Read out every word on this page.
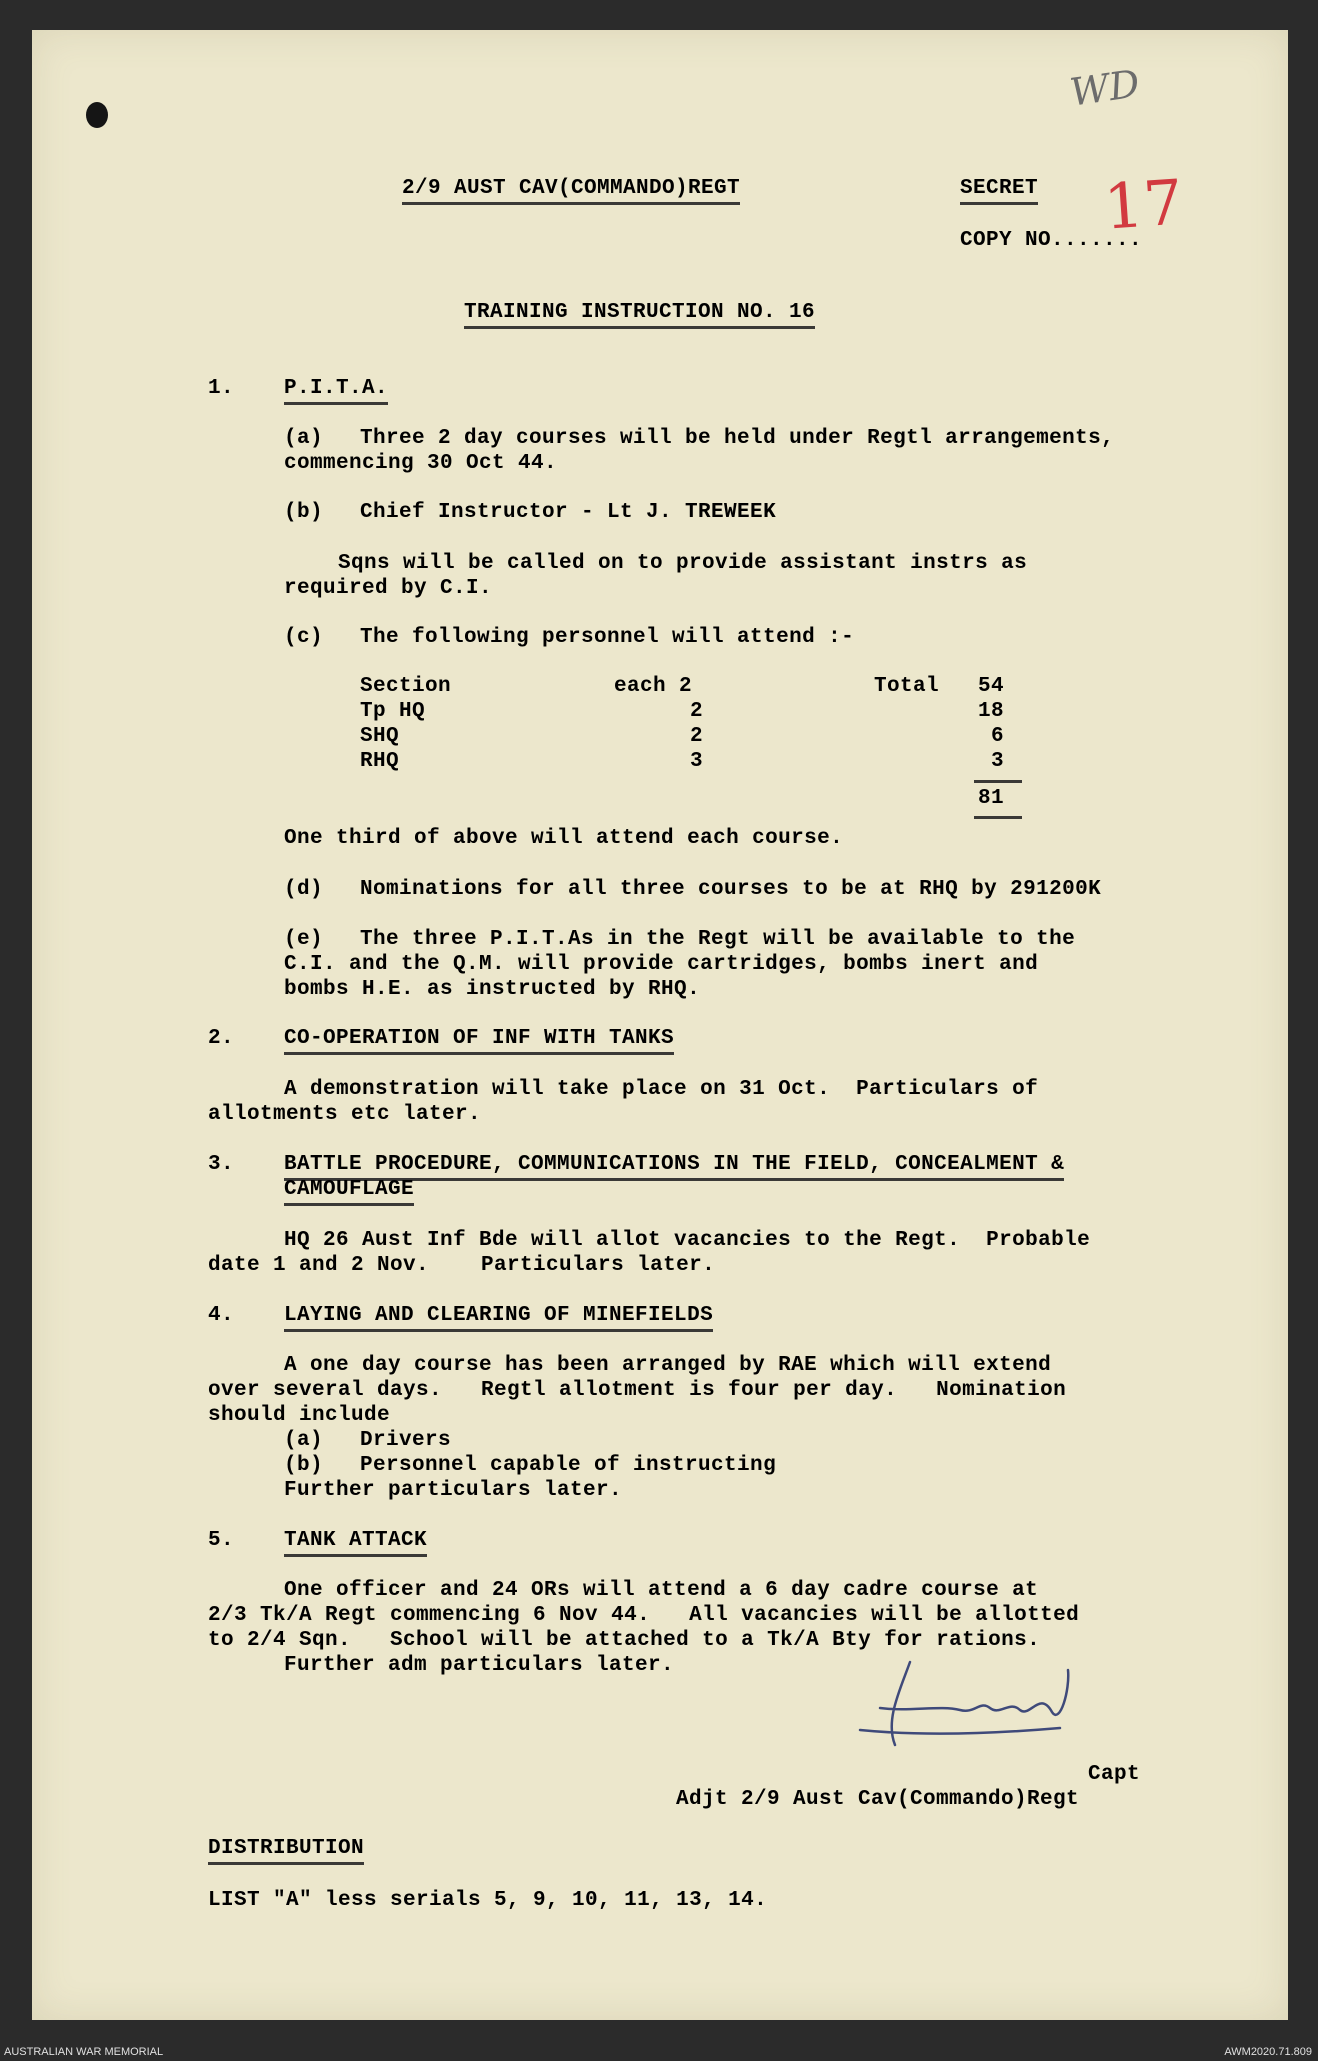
2/9 AUST CAV(COMMANDO)REGT	SECRET
COPY NO.......
17
WD
TRAINING INSTRUCTION NO. 16
1. P.I.T.A.
(a) Three 2 day courses will be held under Regtl arrangements,
commencing 30 Oct 44.
(b) Chief Instructor - Lt J. TREWEEK
Sqns will be called on to provide assistant instrs as
required by C.I.
(c) The following personnel will attend :-
Section	each 2	Total 54
Tp HQ	2	18
SHQ	2	6
RHQ	3	3
81
One third of above will attend each course.
(d) Nominations for all three courses to be at RHQ by 291200K
(e) The three P.I.T.As in the Regt will be available to the
C.I. and the Q.M. will provide cartridges, bombs inert and
bombs H.E. as instructed by RHQ.
2. CO-OPERATION OF INF WITH TANKS
A demonstration will take place on 31 Oct.  Particulars of
allotments etc later.
3. BATTLE PROCEDURE, COMMUNICATIONS IN THE FIELD, CONCEALMENT &
CAMOUFLAGE
HQ 26 Aust Inf Bde will allot vacancies to the Regt.  Probable
date 1 and 2 Nov.    Particulars later.
4. LAYING AND CLEARING OF MINEFIELDS
A one day course has been arranged by RAE which will extend
over several days.   Regtl allotment is four per day.   Nomination
should include
(a) Drivers
(b) Personnel capable of instructing
Further particulars later.
5. TANK ATTACK
One officer and 24 ORs will attend a 6 day cadre course at
2/3 Tk/A Regt commencing 6 Nov 44.   All vacancies will be allotted
to 2/4 Sqn.   School will be attached to a Tk/A Bty for rations.
Further adm particulars later.
Capt
Adjt 2/9 Aust Cav(Commando)Regt
DISTRIBUTION
LIST "A" less serials 5, 9, 10, 11, 13, 14.
AUSTRALIAN WAR MEMORIAL	AWM2020.71.809
